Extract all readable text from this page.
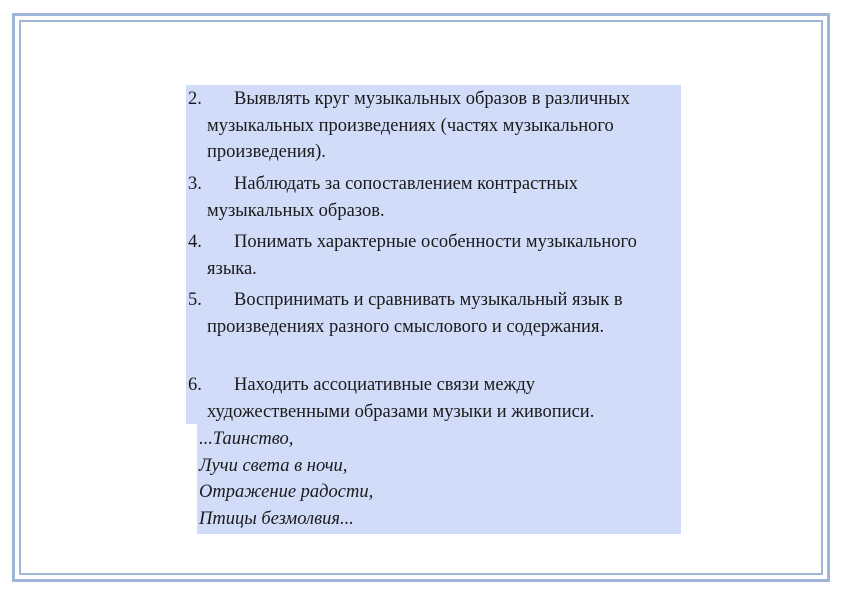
2.	Выявлять круг музыкальных образов в различных музыкальных произведениях (частях музыкального произведения).
3.	Наблюдать за сопоставлением контрастных музыкальных образов.
4.	Понимать характерные особенности музыкального языка.
5.	Воспринимать и сравнивать музыкальный язык в произведениях разного смыслового и содержания.
6.	Находить ассоциативные связи между художественными образами музыки и живописи.
...Таинство,
Лучи света в ночи,
Отражение радости,
Птицы безмолвия...
